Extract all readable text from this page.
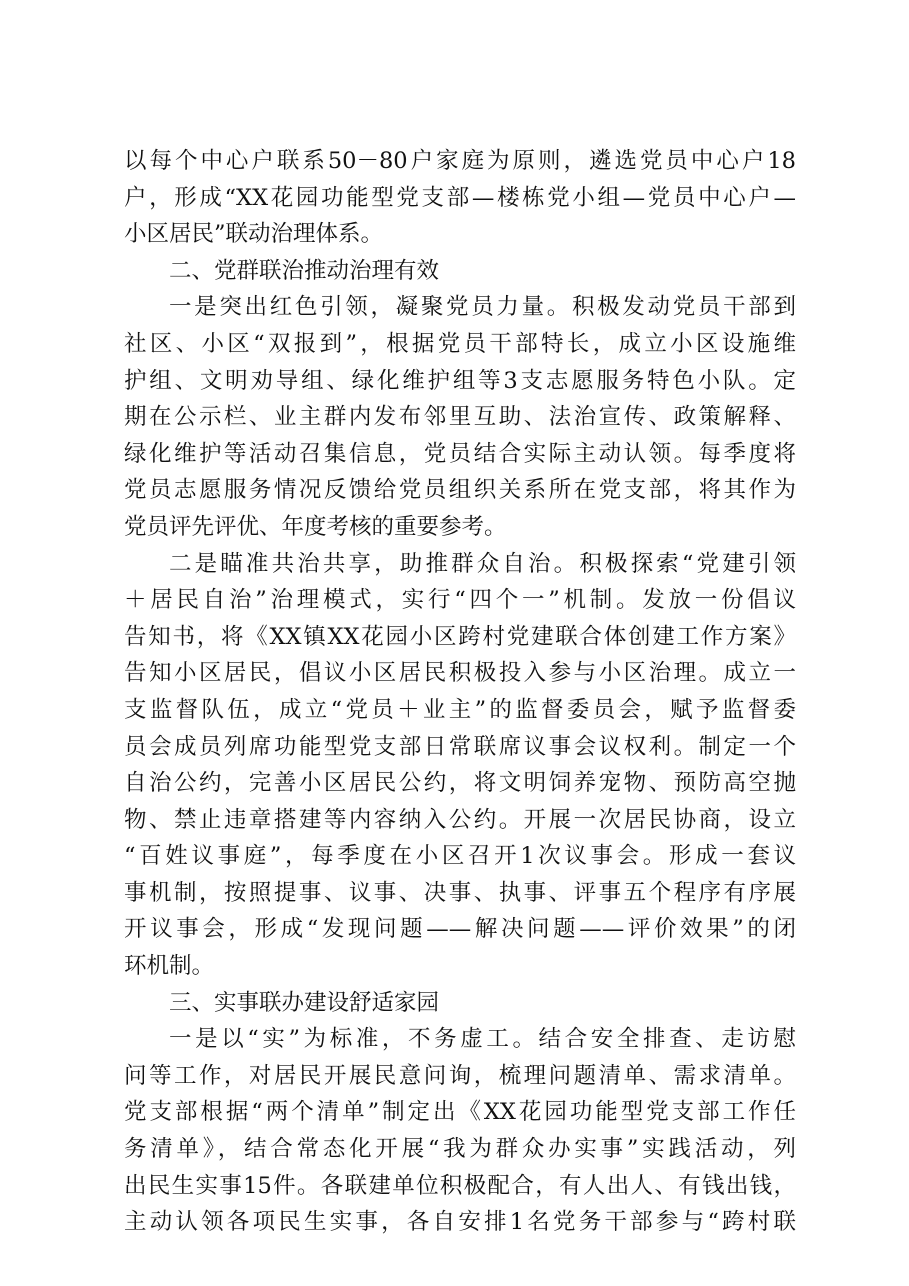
以每个中心户联系50－80户家庭为原则，遴选党员中心户18
户，形成“XX花园功能型党支部—楼栋党小组—党员中心户—
小区居民”联动治理体系。
二、党群联治推动治理有效
一是突出红色引领，凝聚党员力量。积极发动党员干部到
社区、小区“双报到”，根据党员干部特长，成立小区设施维
护组、文明劝导组、绿化维护组等3支志愿服务特色小队。定
期在公示栏、业主群内发布邻里互助、法治宣传、政策解释、
绿化维护等活动召集信息，党员结合实际主动认领。每季度将
党员志愿服务情况反馈给党员组织关系所在党支部，将其作为
党员评先评优、年度考核的重要参考。
二是瞄准共治共享，助推群众自治。积极探索“党建引领
＋居民自治”治理模式，实行“四个一”机制。发放一份倡议
告知书，将《XX镇XX花园小区跨村党建联合体创建工作方案》
告知小区居民，倡议小区居民积极投入参与小区治理。成立一
支监督队伍，成立“党员＋业主”的监督委员会，赋予监督委
员会成员列席功能型党支部日常联席议事会议权利。制定一个
自治公约，完善小区居民公约，将文明饲养宠物、预防高空抛
物、禁止违章搭建等内容纳入公约。开展一次居民协商，设立
“百姓议事庭”，每季度在小区召开1次议事会。形成一套议
事机制，按照提事、议事、决事、执事、评事五个程序有序展
开议事会，形成“发现问题——解决问题——评价效果”的闭
环机制。
三、实事联办建设舒适家园
一是以“实”为标准，不务虚工。结合安全排查、走访慰
问等工作，对居民开展民意问询，梳理问题清单、需求清单。
党支部根据“两个清单”制定出《XX花园功能型党支部工作任
务清单》，结合常态化开展“我为群众办实事”实践活动，列
出民生实事15件。各联建单位积极配合，有人出人、有钱出钱，
主动认领各项民生实事，各自安排1名党务干部参与“跨村联
